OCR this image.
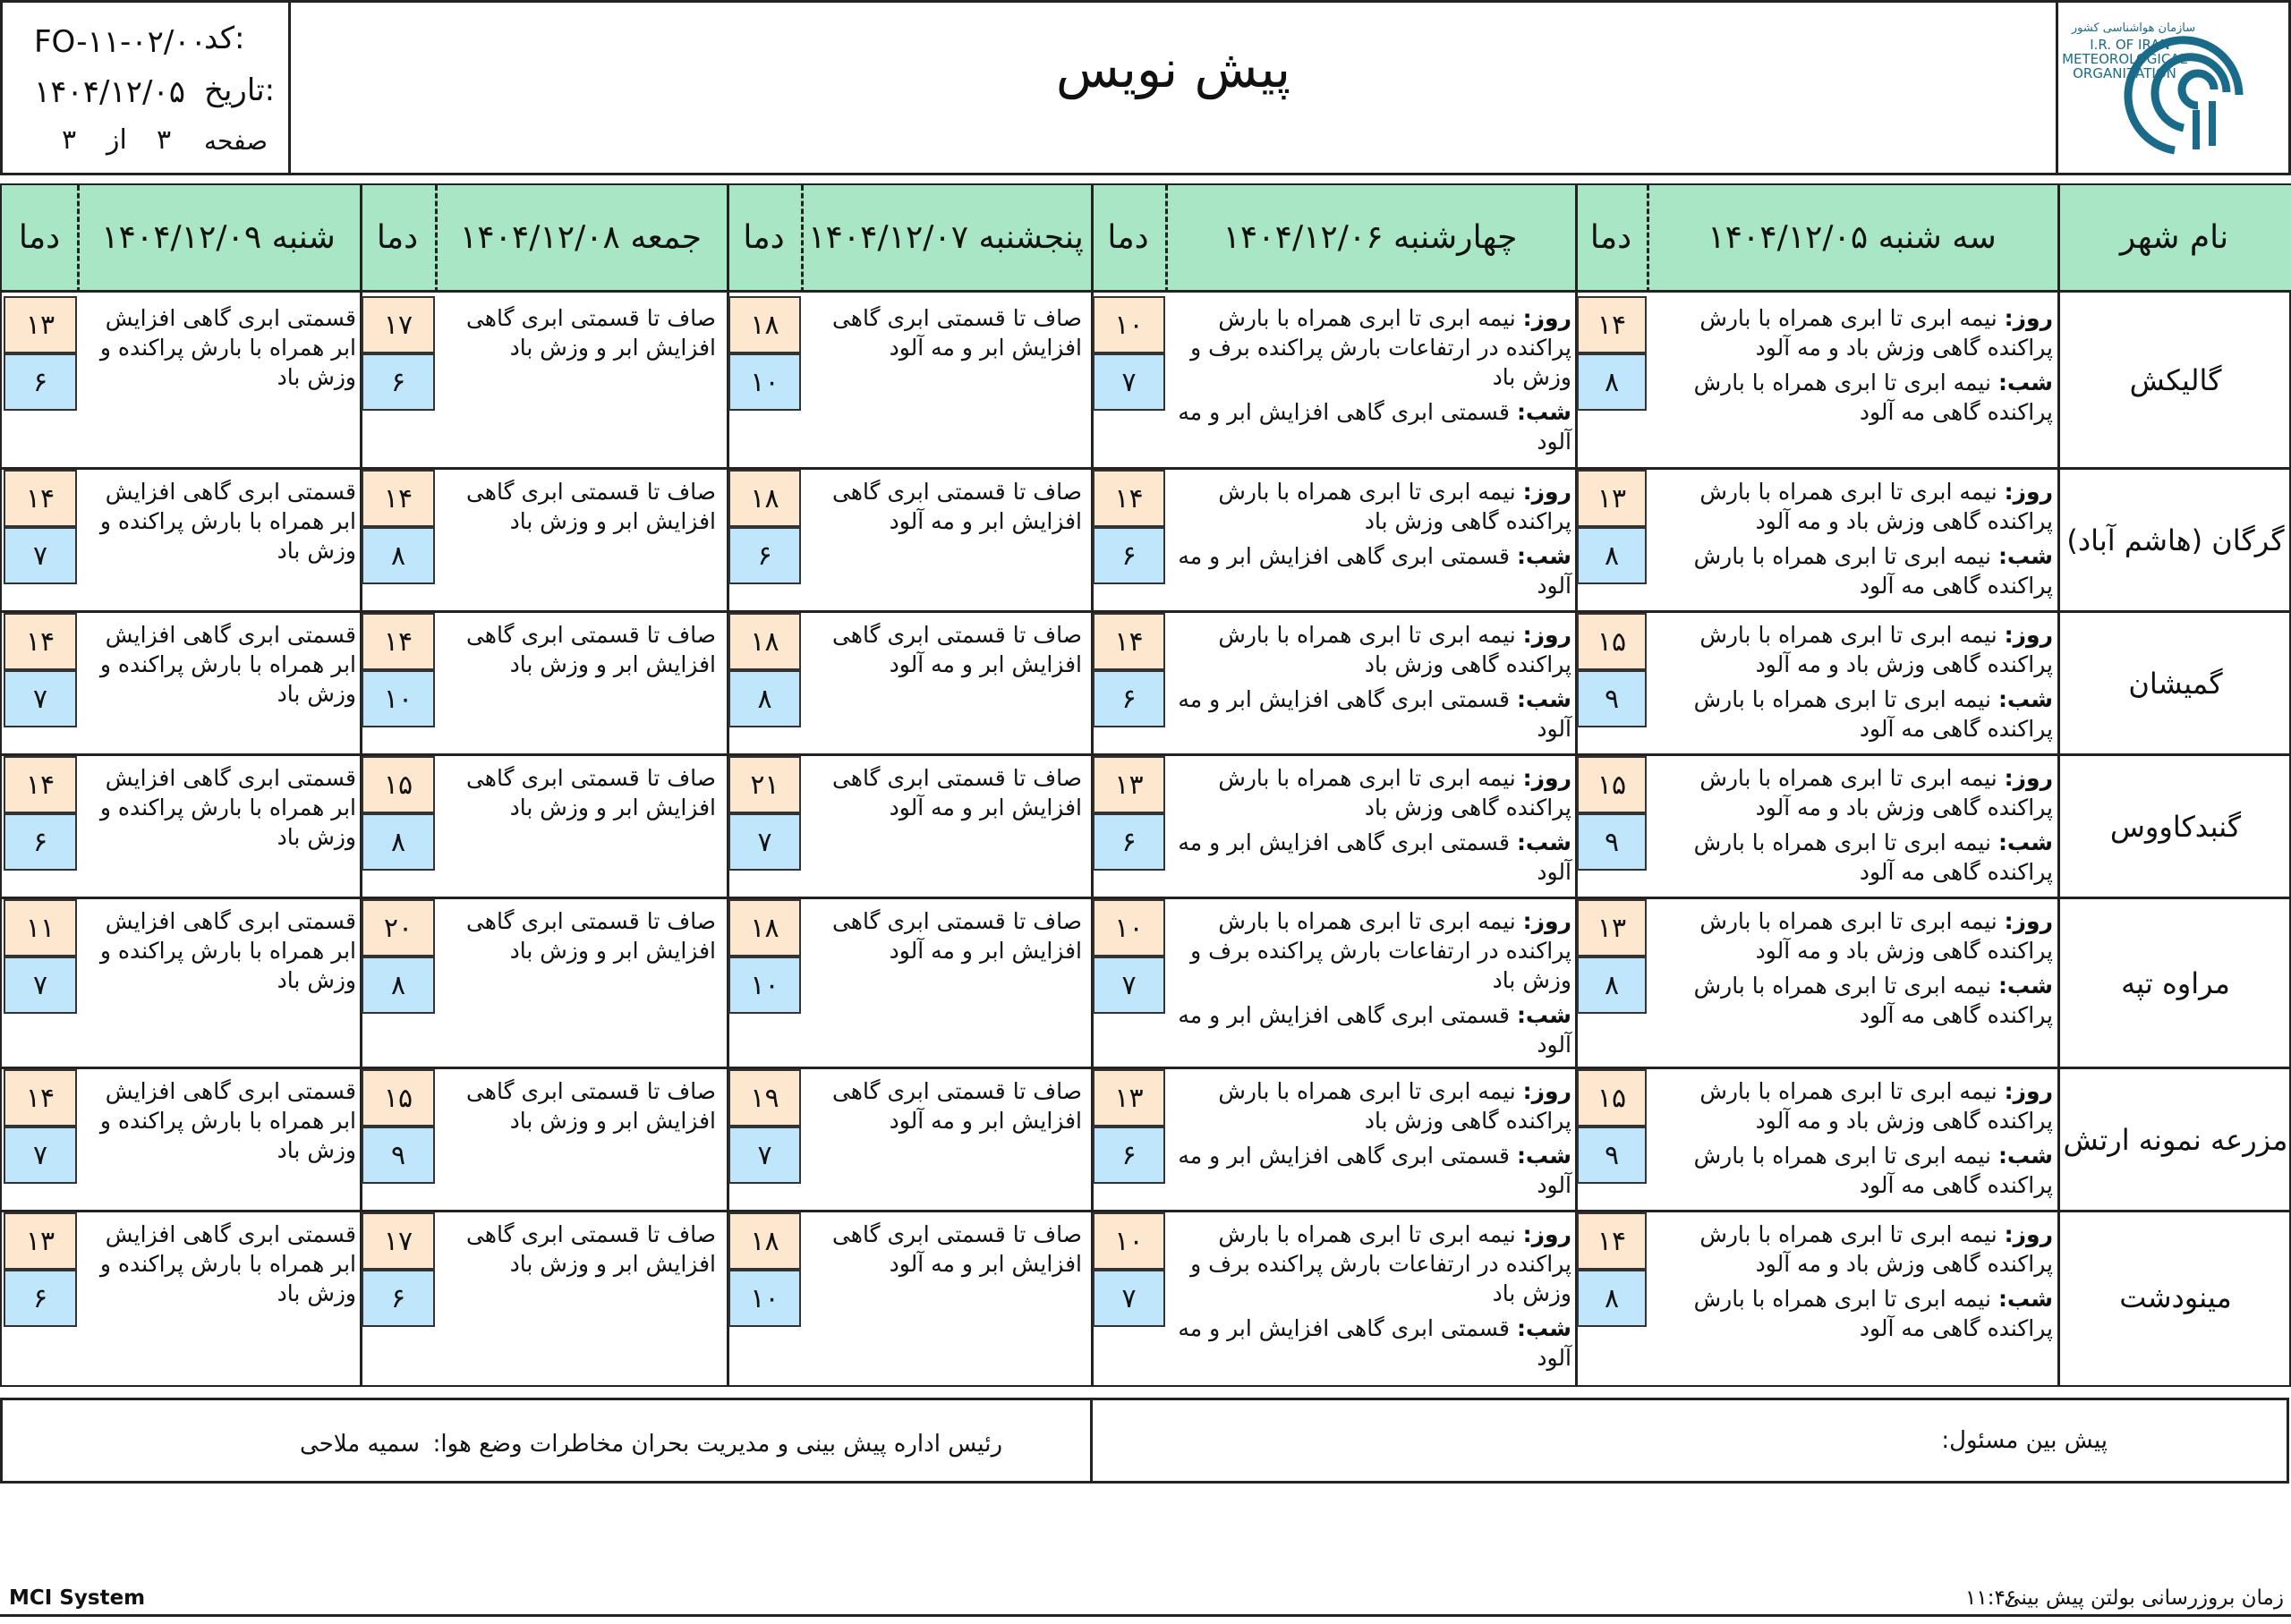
کد:
FO-۱۱-۰۲/۰۰
تاریخ:
۱۴۰۴/۱۲/۰۵
صفحه
۳
از
۳
پیش نویس
سازمان هواشناسی کشور
I.R. OF IRAN
METEOROLOGICAL
ORGANIZATION
نام شهر
سه شنبه ۱۴۰۴/۱۲/۰۵
دما
چهارشنبه ۱۴۰۴/۱۲/۰۶
دما
پنجشنبه ۱۴۰۴/۱۲/۰۷
دما
جمعه ۱۴۰۴/۱۲/۰۸
دما
شنبه ۱۴۰۴/۱۲/۰۹
دما
گالیکش

روز: نیمه ابری تا ابری همراه با بارش پراکنده گاهی وزش باد و مه آلود

شب: نیمه ابری تا ابری همراه با بارش پراکنده گاهی مه آلود

۱۴
۸

روز: نیمه ابری تا ابری همراه با بارش پراکنده در ارتفاعات بارش پراکنده برف و وزش باد

شب: قسمتی ابری گاهی افزایش ابر و مه آلود

۱۰
۷
صاف تا قسمتی ابری گاهی افزایش ابر و مه آلود
۱۸
۱۰
صاف تا قسمتی ابری گاهی افزایش ابر و وزش باد
۱۷
۶
قسمتی ابری گاهی افزایش ابر همراه با بارش پراکنده و وزش باد
۱۳
۶
گرگان (هاشم آباد)

روز: نیمه ابری تا ابری همراه با بارش پراکنده گاهی وزش باد و مه آلود

شب: نیمه ابری تا ابری همراه با بارش پراکنده گاهی مه آلود

۱۳
۸

روز: نیمه ابری تا ابری همراه با بارش پراکنده گاهی وزش باد

شب: قسمتی ابری گاهی افزایش ابر و مه آلود

۱۴
۶
صاف تا قسمتی ابری گاهی افزایش ابر و مه آلود
۱۸
۶
صاف تا قسمتی ابری گاهی افزایش ابر و وزش باد
۱۴
۸
قسمتی ابری گاهی افزایش ابر همراه با بارش پراکنده و وزش باد
۱۴
۷
گمیشان

روز: نیمه ابری تا ابری همراه با بارش پراکنده گاهی وزش باد و مه آلود

شب: نیمه ابری تا ابری همراه با بارش پراکنده گاهی مه آلود

۱۵
۹

روز: نیمه ابری تا ابری همراه با بارش پراکنده گاهی وزش باد

شب: قسمتی ابری گاهی افزایش ابر و مه آلود

۱۴
۶
صاف تا قسمتی ابری گاهی افزایش ابر و مه آلود
۱۸
۸
صاف تا قسمتی ابری گاهی افزایش ابر و وزش باد
۱۴
۱۰
قسمتی ابری گاهی افزایش ابر همراه با بارش پراکنده و وزش باد
۱۴
۷
گنبدکاووس

روز: نیمه ابری تا ابری همراه با بارش پراکنده گاهی وزش باد و مه آلود

شب: نیمه ابری تا ابری همراه با بارش پراکنده گاهی مه آلود

۱۵
۹

روز: نیمه ابری تا ابری همراه با بارش پراکنده گاهی وزش باد

شب: قسمتی ابری گاهی افزایش ابر و مه آلود

۱۳
۶
صاف تا قسمتی ابری گاهی افزایش ابر و مه آلود
۲۱
۷
صاف تا قسمتی ابری گاهی افزایش ابر و وزش باد
۱۵
۸
قسمتی ابری گاهی افزایش ابر همراه با بارش پراکنده و وزش باد
۱۴
۶
مراوه تپه

روز: نیمه ابری تا ابری همراه با بارش پراکنده گاهی وزش باد و مه آلود

شب: نیمه ابری تا ابری همراه با بارش پراکنده گاهی مه آلود

۱۳
۸

روز: نیمه ابری تا ابری همراه با بارش پراکنده در ارتفاعات بارش پراکنده برف و وزش باد

شب: قسمتی ابری گاهی افزایش ابر و مه آلود

۱۰
۷
صاف تا قسمتی ابری گاهی افزایش ابر و مه آلود
۱۸
۱۰
صاف تا قسمتی ابری گاهی افزایش ابر و وزش باد
۲۰
۸
قسمتی ابری گاهی افزایش ابر همراه با بارش پراکنده و وزش باد
۱۱
۷
مزرعه نمونه ارتش

روز: نیمه ابری تا ابری همراه با بارش پراکنده گاهی وزش باد و مه آلود

شب: نیمه ابری تا ابری همراه با بارش پراکنده گاهی مه آلود

۱۵
۹

روز: نیمه ابری تا ابری همراه با بارش پراکنده گاهی وزش باد

شب: قسمتی ابری گاهی افزایش ابر و مه آلود

۱۳
۶
صاف تا قسمتی ابری گاهی افزایش ابر و مه آلود
۱۹
۷
صاف تا قسمتی ابری گاهی افزایش ابر و وزش باد
۱۵
۹
قسمتی ابری گاهی افزایش ابر همراه با بارش پراکنده و وزش باد
۱۴
۷
مینودشت

روز: نیمه ابری تا ابری همراه با بارش پراکنده گاهی وزش باد و مه آلود

شب: نیمه ابری تا ابری همراه با بارش پراکنده گاهی مه آلود

۱۴
۸

روز: نیمه ابری تا ابری همراه با بارش پراکنده در ارتفاعات بارش پراکنده برف و وزش باد

شب: قسمتی ابری گاهی افزایش ابر و مه آلود

۱۰
۷
صاف تا قسمتی ابری گاهی افزایش ابر و مه آلود
۱۸
۱۰
صاف تا قسمتی ابری گاهی افزایش ابر و وزش باد
۱۷
۶
قسمتی ابری گاهی افزایش ابر همراه با بارش پراکنده و وزش باد
۱۳
۶
پیش بین مسئول:
رئیس اداره پیش بینی و مدیریت بحران مخاطرات وضع هوا:
سمیه ملاحی
MCI System	زمان بروزرسانی بولتن پیش بینی
۱۱:۴۶
